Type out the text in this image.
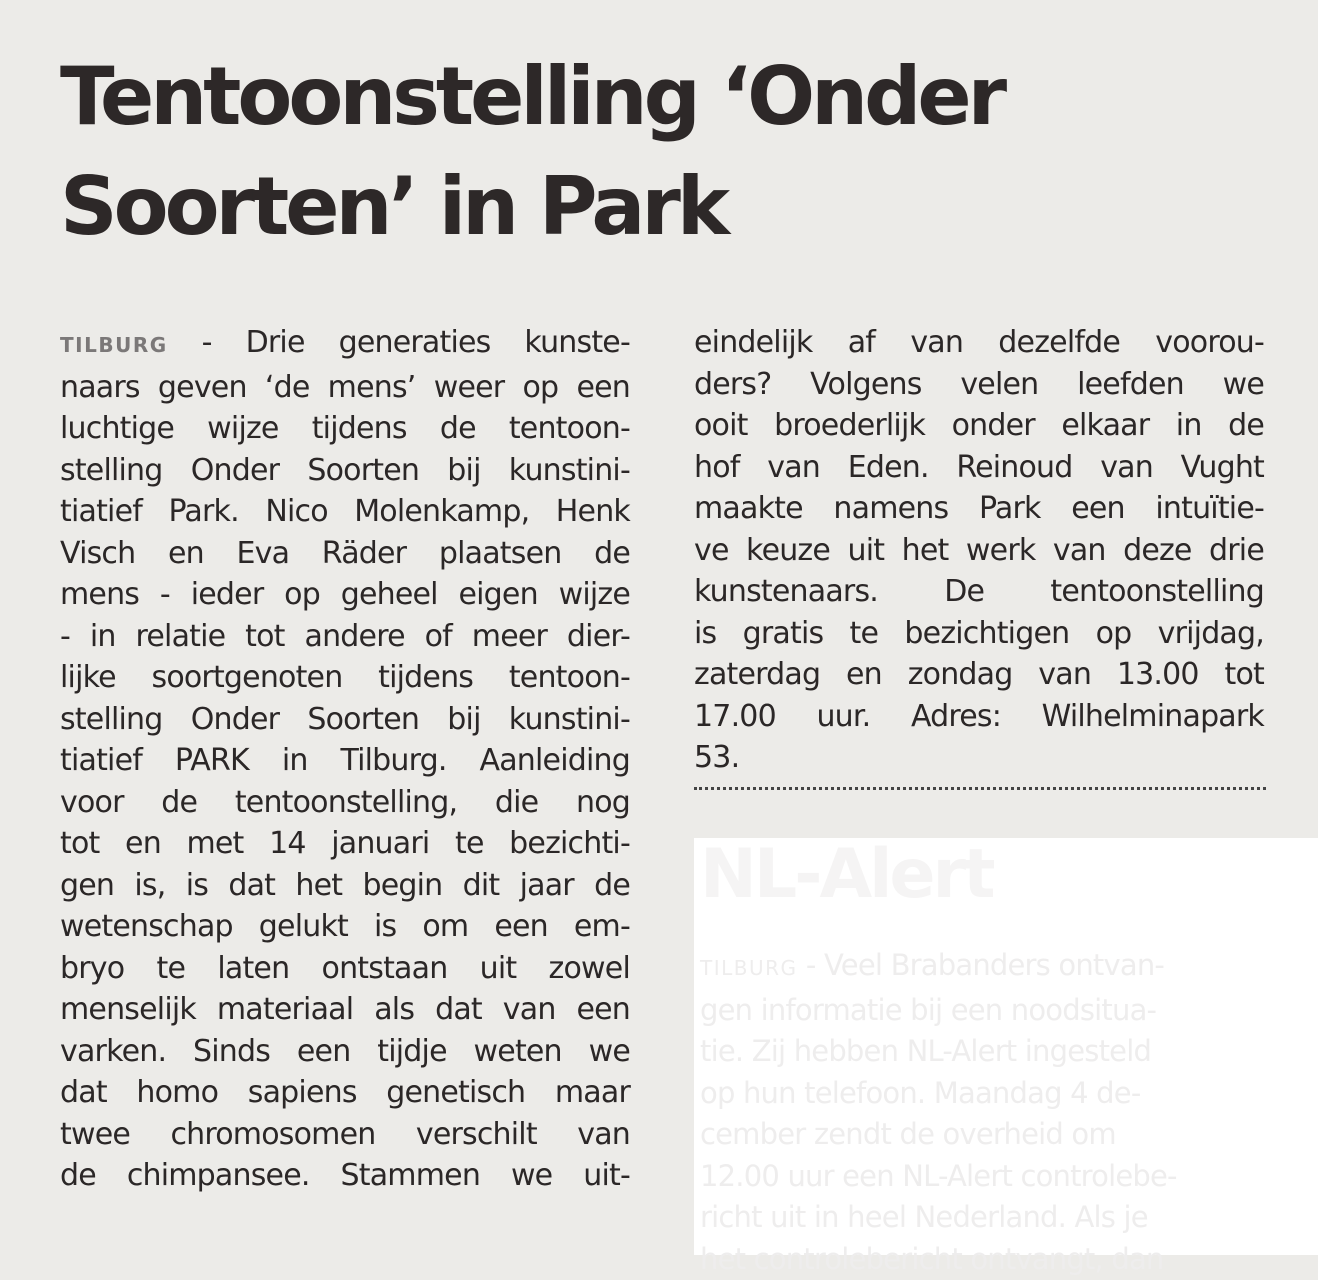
Tentoonstelling ‘Onder
Soorten’ in Park
TILBURG - Drie generaties kunste-
naars geven ‘de mens’ weer op een
luchtige wijze tijdens de tentoon-
stelling Onder Soorten bij kunstini-
tiatief Park. Nico Molenkamp, Henk
Visch en Eva Räder plaatsen de
mens - ieder op geheel eigen wijze
- in relatie tot andere of meer dier-
lijke soortgenoten tijdens tentoon-
stelling Onder Soorten bij kunstini-
tiatief PARK in Tilburg. Aanleiding
voor de tentoonstelling, die nog
tot en met 14 januari te bezichti-
gen is, is dat het begin dit jaar de
wetenschap gelukt is om een em-
bryo te laten ontstaan uit zowel
menselijk materiaal als dat van een
varken. Sinds een tijdje weten we
dat homo sapiens genetisch maar
twee chromosomen verschilt van
de chimpansee. Stammen we uit-
eindelijk af van dezelfde voorou-
ders? Volgens velen leefden we
ooit broederlijk onder elkaar in de
hof van Eden. Reinoud van Vught
maakte namens Park een intuïtie-
ve keuze uit het werk van deze drie
kunstenaars. De tentoonstelling
is gratis te bezichtigen op vrijdag,
zaterdag en zondag van 13.00 tot
17.00 uur. Adres: Wilhelminapark
53.
NL-Alert
TILBURG - Veel Brabanders ontvan-
gen informatie bij een noodsitua-
tie. Zij hebben NL-Alert ingesteld
op hun telefoon. Maandag 4 de-
cember zendt de overheid om
12.00 uur een NL-Alert controlebe-
richt uit in heel Nederland. Als je
het controlebericht ontvangt, dan
